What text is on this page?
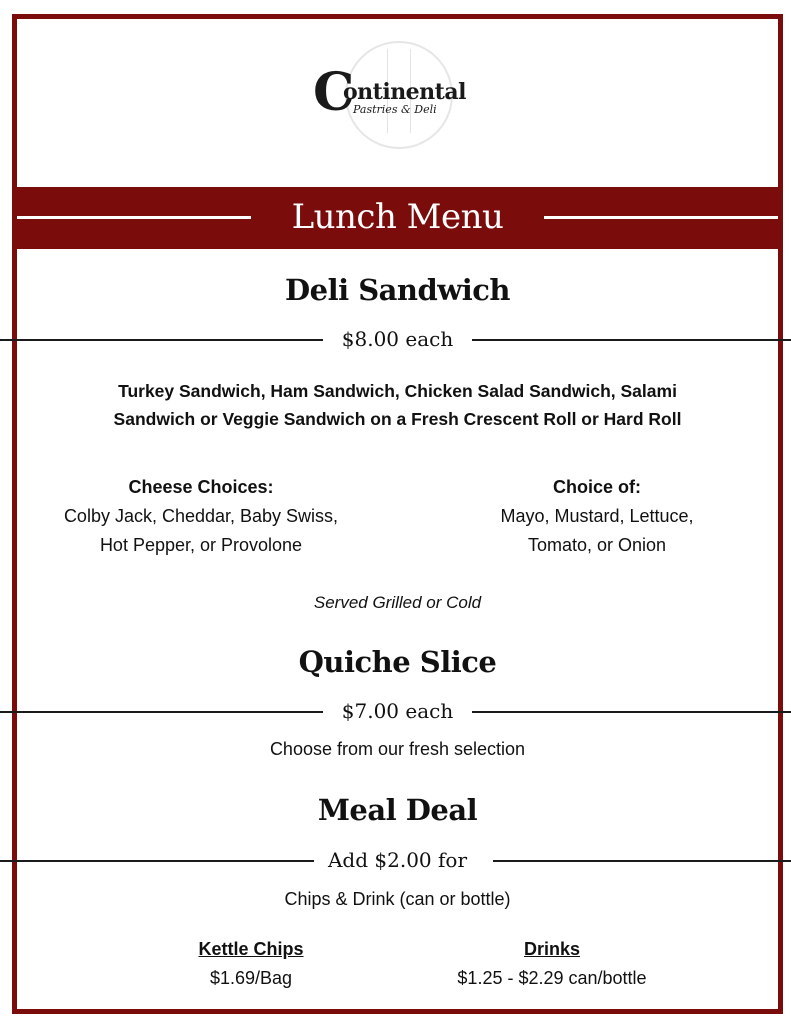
C
ontinental
Pastries & Deli
Lunch Menu
Deli Sandwich
$8.00 each
Turkey Sandwich, Ham Sandwich, Chicken Salad Sandwich, Salami
Sandwich or Veggie Sandwich on a Fresh Crescent Roll or Hard Roll
Cheese Choices:
Colby Jack, Cheddar, Baby Swiss,
Hot Pepper, or Provolone
Choice of:
Mayo, Mustard, Lettuce,
Tomato, or Onion
Served Grilled or Cold
Quiche Slice
$7.00 each
Choose from our fresh selection
Meal Deal
Add $2.00 for
Chips & Drink (can or bottle)
Kettle Chips
$1.69/Bag
Drinks
$1.25 - $2.29 can/bottle
